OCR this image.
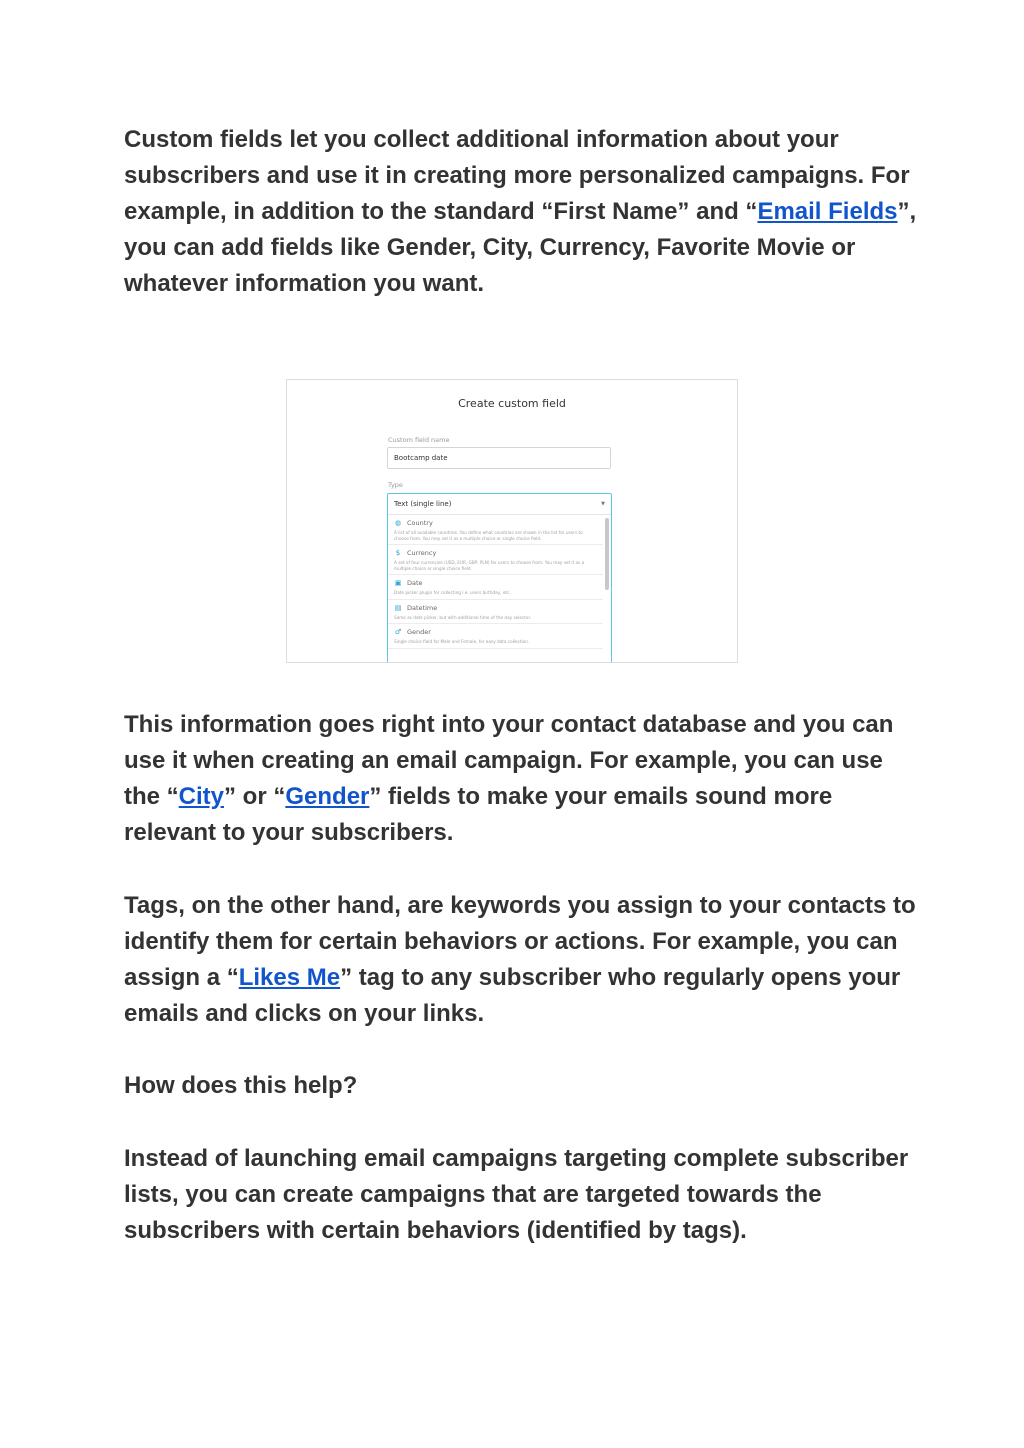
Custom fields let you collect additional information about your subscribers and use it in creating more personalized campaigns. For example, in addition to the standard “First Name” and “Email Fields”, you can add fields like Gender, City, Currency, Favorite Movie or whatever information you want.

Create custom field
Custom field name
Bootcamp date
Type
Text (single line)	▼
◍ Country
A list of all available countries. You define what countries are shown in the list for users to choose from. You may set it as a multiple choice or single choice field.
$ Currency
A set of four currencies (USD, EUR, GBP, PLN) for users to choose from. You may set it as a multiple choice or single choice field.
▣ Date
Date picker plugin for collecting i.e. users birthday, etc.
▤ Datetime
Same as date picker, but with additional time of the day selector.
♂ Gender
Single choice field for Male and Female, for easy data collection.

This information goes right into your contact database and you can use it when creating an email campaign. For example, you can use the “City” or “Gender” fields to make your emails sound more relevant to your subscribers.

Tags, on the other hand, are keywords you assign to your contacts to identify them for certain behaviors or actions. For example, you can assign a “Likes Me” tag to any subscriber who regularly opens your emails and clicks on your links.

How does this help?

Instead of launching email campaigns targeting complete subscriber lists, you can create campaigns that are targeted towards the subscribers with certain behaviors (identified by tags).
